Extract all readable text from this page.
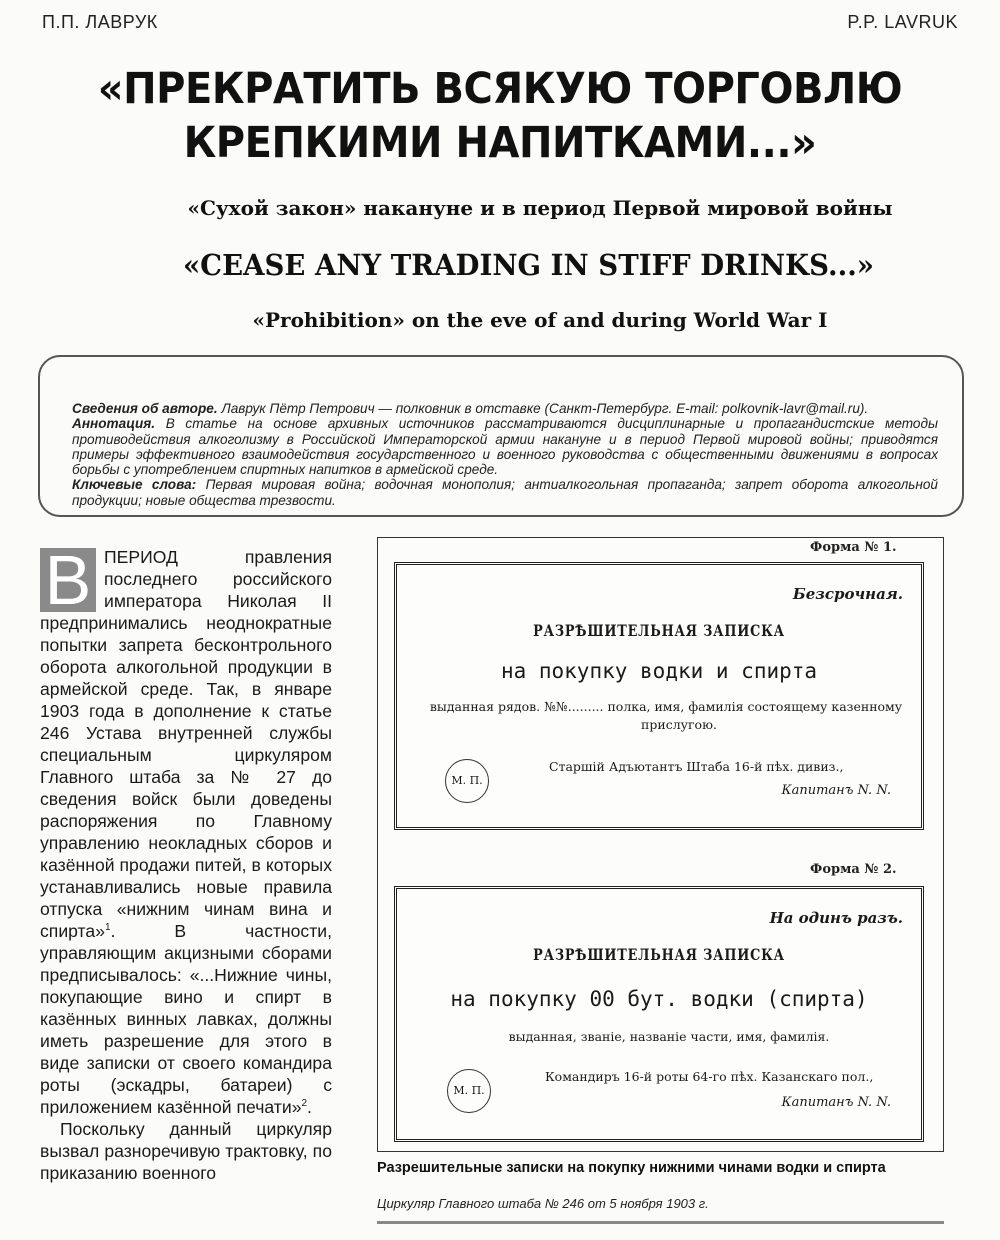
П.П. ЛАВРУК	P.P. LAVRUK
«ПРЕКРАТИТЬ ВСЯКУЮ ТОРГОВЛЮ
КРЕПКИМИ НАПИТКАМИ...»
«Сухой закон» накануне и в период Первой мировой войны
«CEASE ANY TRADING IN STIFF DRINKS...»
«Prohibition» on the eve of and during World War I

Сведения об авторе. Лаврук Пётр Петрович — полковник в отставке (Санкт-Петербург. E-mail: polkovnik-lavr@mail.ru).

Аннотация. В статье на основе архивных источников рассматриваются дисциплинарные и пропагандистские методы противодействия алкоголизму в Российской Императорской армии накануне и в период Первой мировой войны; приводятся примеры эффективного взаимодействия государственного и военного руководства с общественными движениями в вопросах борьбы с употреблением спиртных напитков в армейской среде.

Ключевые слова: Первая мировая война; водочная монополия; антиалкогольная пропаганда; запрет оборота алкогольной продукции; новые общества трезвости.

В ПЕРИОД правления последнего российского императора Николая II предпринимались неоднократные попытки запрета бесконтрольного оборота алкогольной продукции в армейской среде. Так, в январе 1903 года в дополнение к статье 246 Устава внутренней службы специальным циркуляром Главного штаба за № 27 до сведения войск были доведены распоряжения по Главному управлению неокладных сборов и казённой продажи питей, в которых устанавливались новые правила отпуска «нижним чинам вина и спирта»$^1$. В частности, управляющим акцизными сборами предписывалось: «...Нижние чины, покупающие вино и спирт в казённых винных лавках, должны иметь разрешение для этого в виде записки от своего командира роты (эскадры, батареи) с приложением казённой печати»$^2$.

Поскольку данный циркуляр вызвал разноречивую трактовку, по приказанию военного

Форма № 1.
Безсрочная.
РАЗРѢШИТЕЛЬНАЯ ЗАПИСКА
на покупку водки и спирта
выданная рядов. №№......... полка, имя, фамилія состоящему казенному
прислугою.
М. П.
Старшій Адъютантъ Штаба 16-й пѣх. дивиз.,
Капитанъ N. N.
Форма № 2.
На одинъ разъ.
РАЗРѢШИТЕЛЬНАЯ ЗАПИСКА
на покупку 00 бут. водки (спирта)
выданная, званіе, названіе части, имя, фамилія.
М. П.
Командиръ 16-й роты 64-го пѣх. Казанскаго пол.,
Капитанъ N. N.
Разрешительные записки на покупку нижними чинами водки и спирта
Циркуляр Главного штаба № 246 от 5 ноября 1903 г.
